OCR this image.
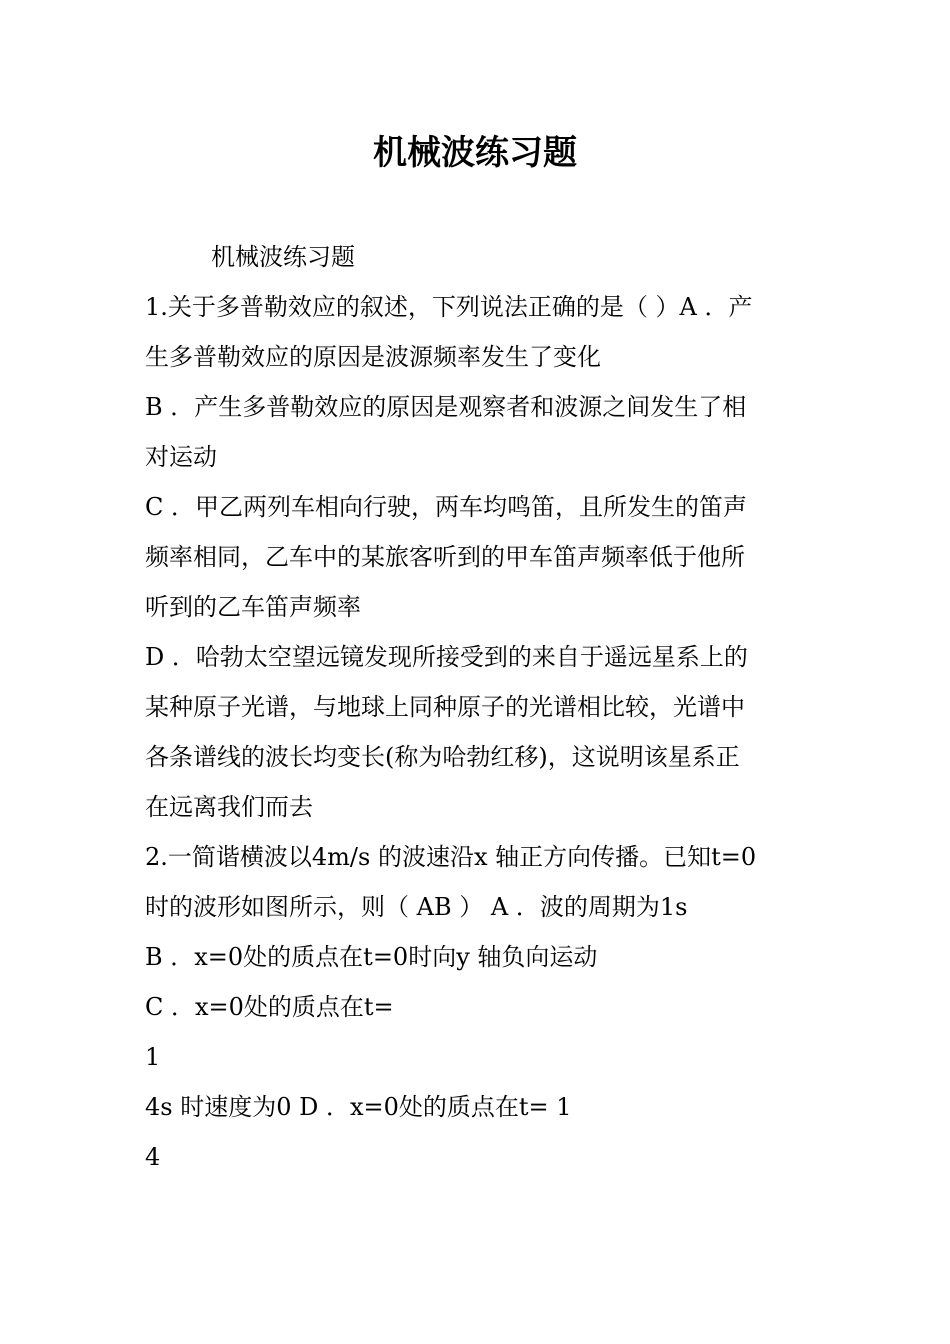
机械波练习题
机械波练习题
1.关于多普勒效应的叙述，下列说法正确的是（ ）A ．产
生多普勒效应的原因是波源频率发生了变化
B ．产生多普勒效应的原因是观察者和波源之间发生了相
对运动
C ．甲乙两列车相向行驶，两车均鸣笛，且所发生的笛声
频率相同，乙车中的某旅客听到的甲车笛声频率低于他所
听到的乙车笛声频率
D ．哈勃太空望远镜发现所接受到的来自于遥远星系上的
某种原子光谱，与地球上同种原子的光谱相比较，光谱中
各条谱线的波长均变长(称为哈勃红移)，这说明该星系正
在远离我们而去
2.一简谐横波以4m/s 的波速沿x 轴正方向传播。已知t=0
时的波形如图所示，则（ AB ） A ．波的周期为1s
B ．x=0处的质点在t=0时向y 轴负向运动
C ．x=0处的质点在t=
1
4s 时速度为0 D ．x=0处的质点在t= 1
4
